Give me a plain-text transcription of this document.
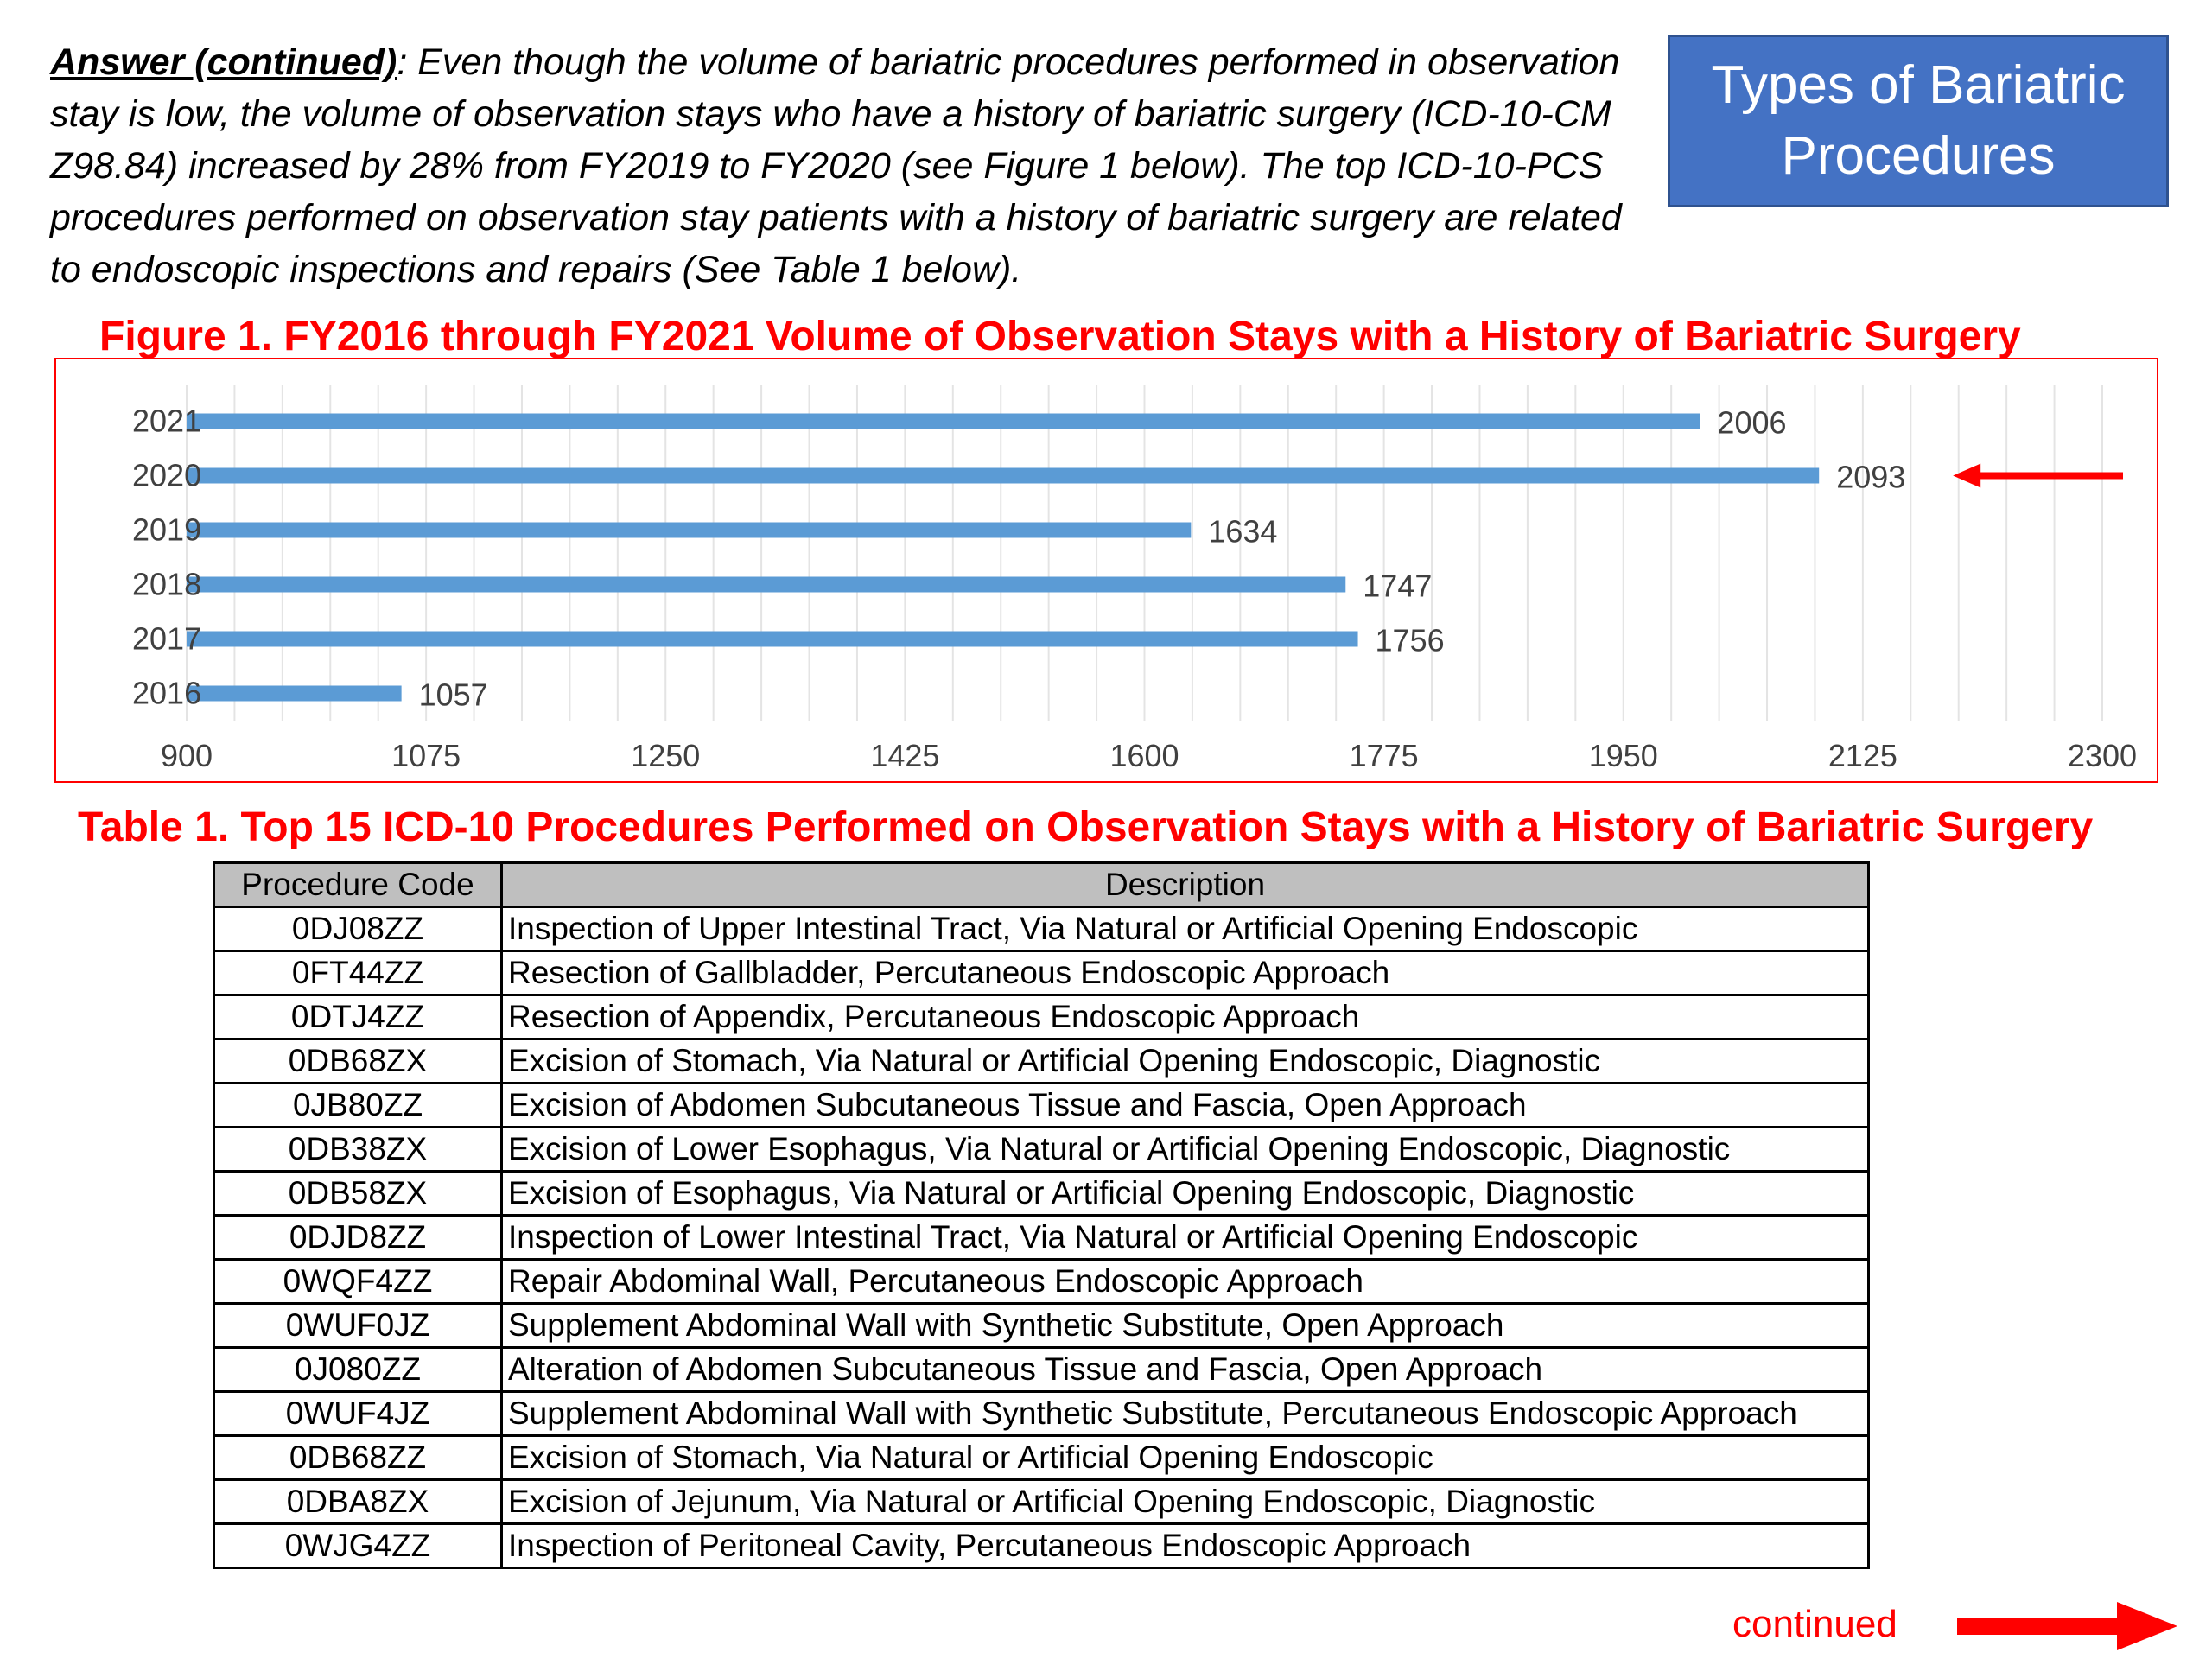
Answer (continued): Even though the volume of bariatric procedures performed in observation stay is low, the volume of observation stays who have a history of bariatric surgery (ICD-10-CM Z98.84) increased by 28% from FY2019 to FY2020 (see Figure 1 below). The top ICD-10-PCS procedures performed on observation stay patients with a history of bariatric surgery are related to endoscopic inspections and repairs (See Table 1 below).
Types of Bariatric
Procedures
Figure 1. FY2016 through FY2021 Volume of Observation Stays with a History of Bariatric Surgery
2021	2006
2020	2093
2019	1634
2018	1747
2017	1756
2016	1057
900	1075	1250	1425	1600	1775	1950	2125	2300
Table 1. Top 15 ICD-10 Procedures Performed on Observation Stays with a History of Bariatric Surgery
Procedure Code	Description
0DJ08ZZ	Inspection of Upper Intestinal Tract, Via Natural or Artificial Opening Endoscopic
0FT44ZZ	Resection of Gallbladder, Percutaneous Endoscopic Approach
0DTJ4ZZ	Resection of Appendix, Percutaneous Endoscopic Approach
0DB68ZX	Excision of Stomach, Via Natural or Artificial Opening Endoscopic, Diagnostic
0JB80ZZ	Excision of Abdomen Subcutaneous Tissue and Fascia, Open Approach
0DB38ZX	Excision of Lower Esophagus, Via Natural or Artificial Opening Endoscopic, Diagnostic
0DB58ZX	Excision of Esophagus, Via Natural or Artificial Opening Endoscopic, Diagnostic
0DJD8ZZ	Inspection of Lower Intestinal Tract, Via Natural or Artificial Opening Endoscopic
0WQF4ZZ	Repair Abdominal Wall, Percutaneous Endoscopic Approach
0WUF0JZ	Supplement Abdominal Wall with Synthetic Substitute, Open Approach
0J080ZZ	Alteration of Abdomen Subcutaneous Tissue and Fascia, Open Approach
0WUF4JZ	Supplement Abdominal Wall with Synthetic Substitute, Percutaneous Endoscopic Approach
0DB68ZZ	Excision of Stomach, Via Natural or Artificial Opening Endoscopic
0DBA8ZX	Excision of Jejunum, Via Natural or Artificial Opening Endoscopic, Diagnostic
0WJG4ZZ	Inspection of Peritoneal Cavity, Percutaneous Endoscopic Approach
continued
